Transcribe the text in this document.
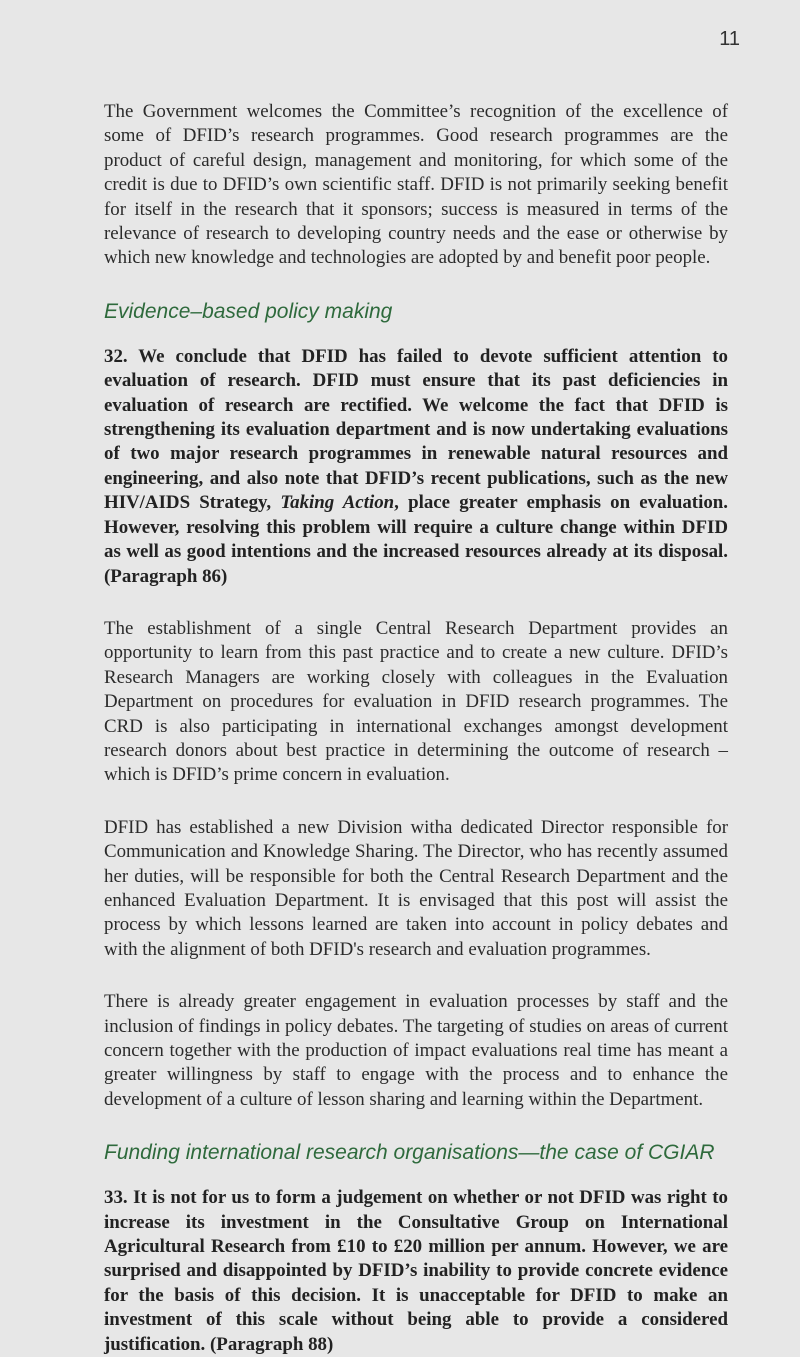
11

The Government welcomes the Committee’s recognition of the excellence of some of DFID’s research programmes. Good research programmes are the product of careful design, management and monitoring, for which some of the credit is due to DFID’s own scientific staff. DFID is not primarily seeking benefit for itself in the research that it sponsors; success is measured in terms of the relevance of research to developing country needs and the ease or otherwise by which new knowledge and technologies are adopted by and benefit poor people.

Evidence–based policy making

32. We conclude that DFID has failed to devote sufficient attention to evaluation of research. DFID must ensure that its past deficiencies in evaluation of research are rectified. We welcome the fact that DFID is strengthening its evaluation department and is now undertaking evaluations of two major research programmes in renewable natural resources and engineering, and also note that DFID’s recent publications, such as the new HIV/AIDS Strategy, Taking Action, place greater emphasis on evaluation. However, resolving this problem will require a culture change within DFID as well as good intentions and the increased resources already at its disposal. (Paragraph 86)

The establishment of a single Central Research Department provides an opportunity to learn from this past practice and to create a new culture. DFID’s Research Managers are working closely with colleagues in the Evaluation Department on procedures for evaluation in DFID research programmes. The CRD is also participating in international exchanges amongst development research donors about best practice in determining the outcome of research – which is DFID’s prime concern in evaluation.

DFID has established a new Division witha dedicated Director responsible for Communication and Knowledge Sharing. The Director, who has recently assumed her duties, will be responsible for both the Central Research Department and the enhanced Evaluation Department. It is envisaged that this post will assist the process by which lessons learned are taken into account in policy debates and with the alignment of both DFID's research and evaluation programmes.

There is already greater engagement in evaluation processes by staff and the inclusion of findings in policy debates. The targeting of studies on areas of current concern together with the production of impact evaluations real time has meant a greater willingness by staff to engage with the process and to enhance the development of a culture of lesson sharing and learning within the Department.

Funding international research organisations—the case of CGIAR

33. It is not for us to form a judgement on whether or not DFID was right to increase its investment in the Consultative Group on International Agricultural Research from £10 to £20 million per annum. However, we are surprised and disappointed by DFID’s inability to provide concrete evidence for the basis of this decision. It is unacceptable for DFID to make an investment of this scale without being able to provide a considered justification. (Paragraph 88)
